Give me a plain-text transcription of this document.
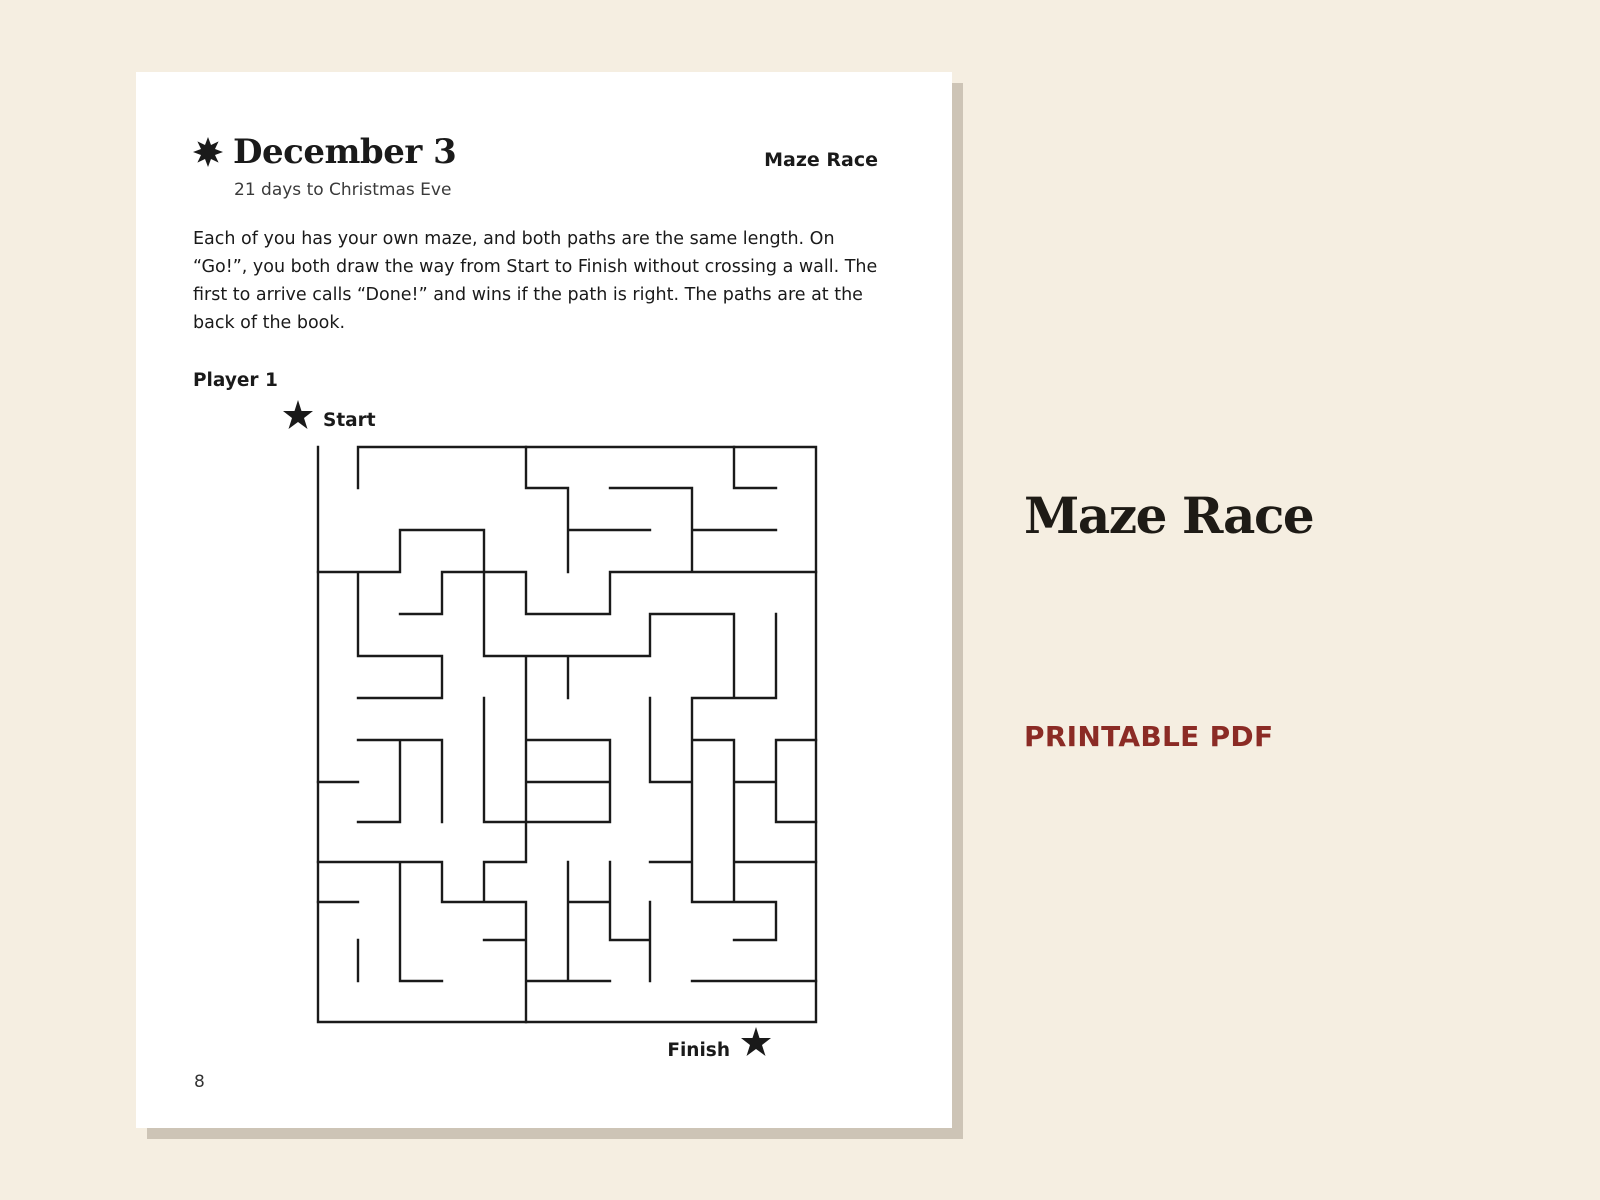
December 3
21 days to Christmas Eve
Maze Race
Each of you has your own maze, and both paths are the same length. On “Go!”, you both draw the way from Start to Finish without crossing a wall. The first to arrive calls “Done!” and wins if the path is right. The paths are at the back of the book.
Player 1
Start
Finish
8
Maze Race
PRINTABLE PDF
